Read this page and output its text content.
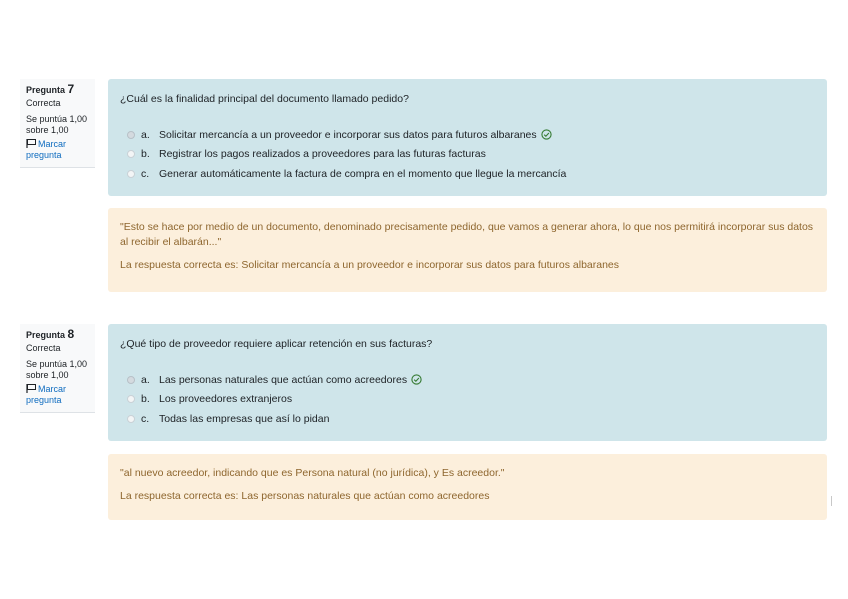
Pregunta 7
Correcta
Se puntúa 1,00
sobre 1,00
Marcar
pregunta
¿Cuál es la finalidad principal del documento llamado pedido?
a. Solicitar mercancía a un proveedor e incorporar sus datos para futuros albaranes
b. Registrar los pagos realizados a proveedores para las futuras facturas
c. Generar automáticamente la factura de compra en el momento que llegue la mercancía
"Esto se hace por medio de un documento, denominado precisamente pedido, que vamos a generar ahora, lo que nos permitirá incorporar sus datos al recibir el albarán..."
La respuesta correcta es: Solicitar mercancía a un proveedor e incorporar sus datos para futuros albaranes
Pregunta 8
Correcta
Se puntúa 1,00
sobre 1,00
Marcar
pregunta
¿Qué tipo de proveedor requiere aplicar retención en sus facturas?
a. Las personas naturales que actúan como acreedores
b. Los proveedores extranjeros
c. Todas las empresas que así lo pidan
"al nuevo acreedor, indicando que es Persona natural (no jurídica), y Es acreedor."
La respuesta correcta es: Las personas naturales que actúan como acreedores
